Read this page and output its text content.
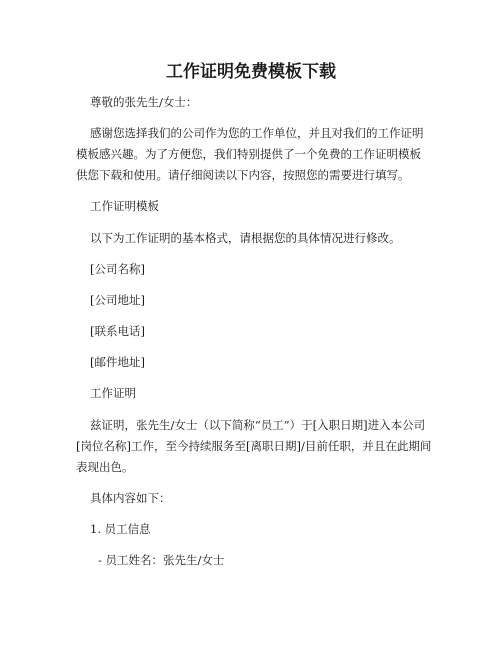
工作证明免费模板下载
尊敬的张先生/女士：
感谢您选择我们的公司作为您的工作单位，并且对我们的工作证明
模板感兴趣。为了方便您，我们特别提供了一个免费的工作证明模板
供您下载和使用。请仔细阅读以下内容，按照您的需要进行填写。
工作证明模板
以下为工作证明的基本格式，请根据您的具体情况进行修改。
[公司名称]
[公司地址]
[联系电话]
[邮件地址]
工作证明
兹证明，张先生/女士（以下简称“员工”）于[入职日期]进入本公司
[岗位名称]工作，至今持续服务至[离职日期]/目前任职，并且在此期间
表现出色。
具体内容如下：
1. 员工信息
- 员工姓名：张先生/女士
